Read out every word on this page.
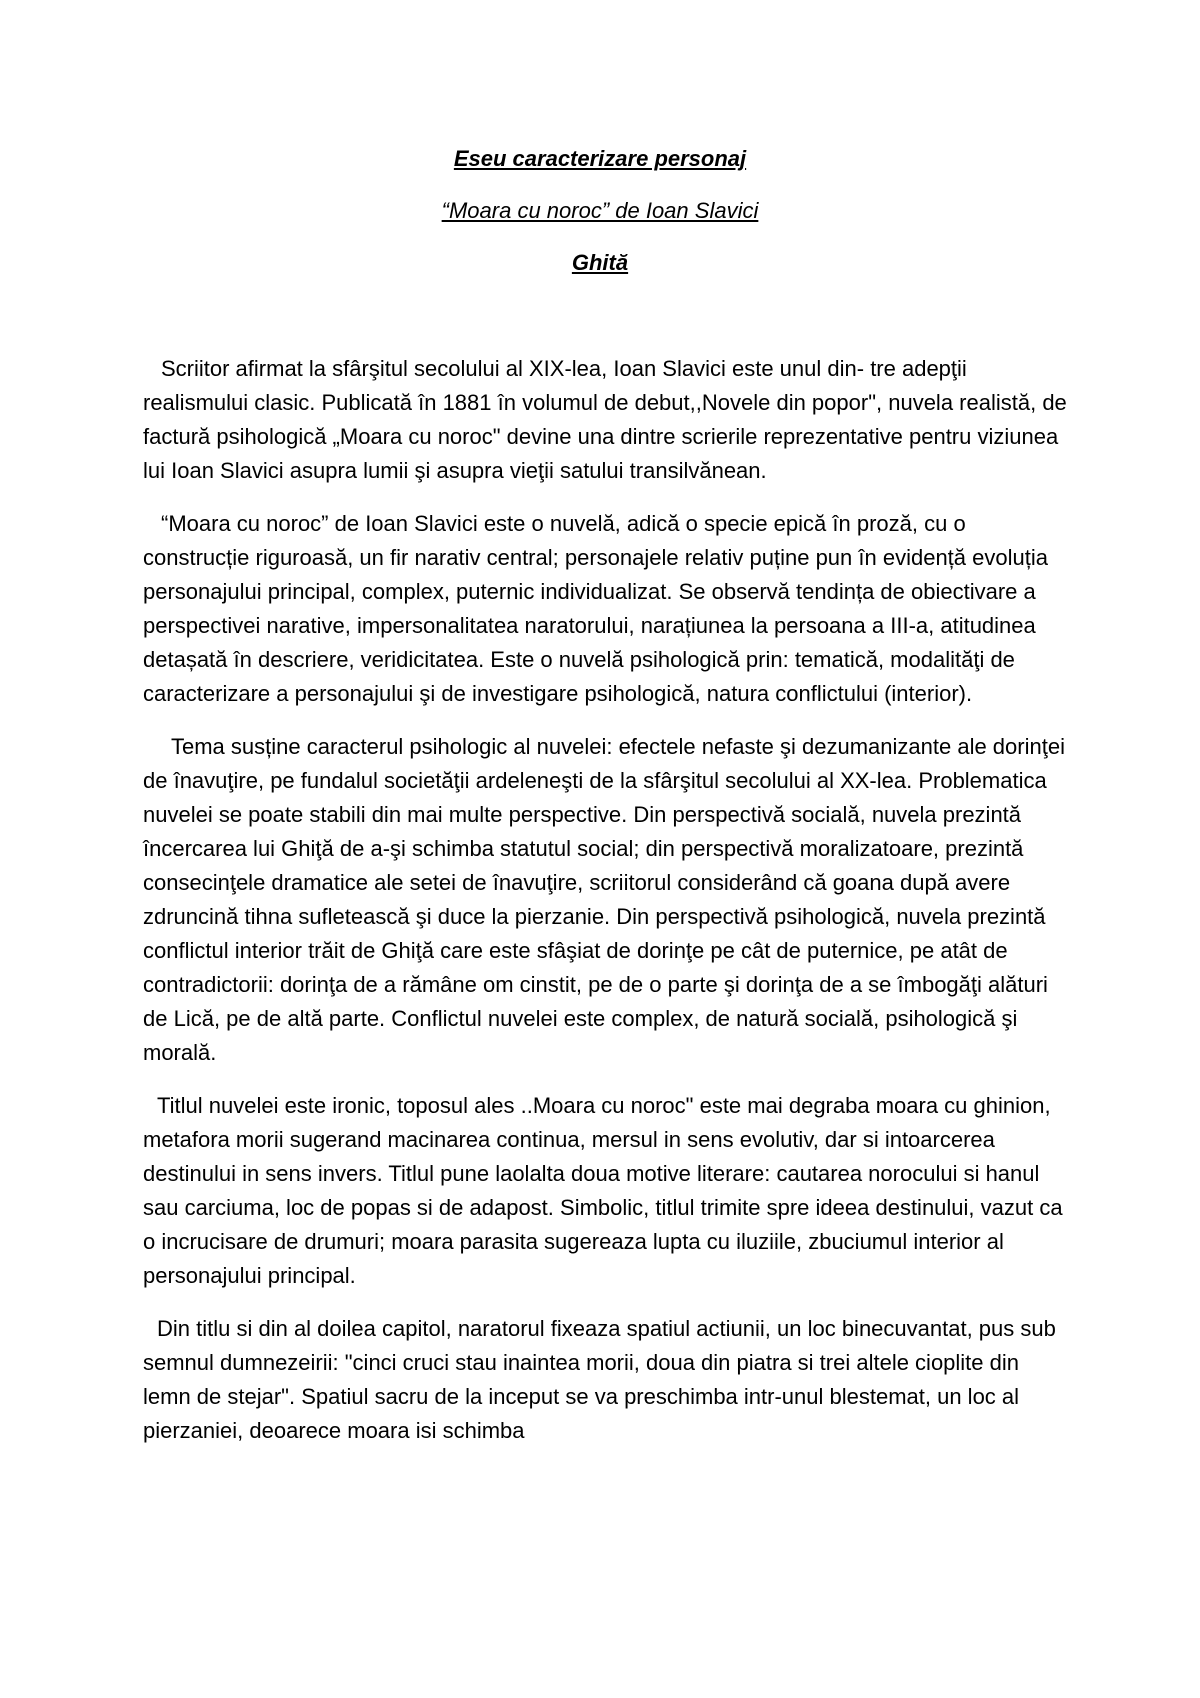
Eseu caracterizare personaj
“Moara cu noroc” de Ioan Slavici
Ghită

Scriitor afirmat la sfârşitul secolului al XIX-lea, Ioan Slavici este unul din- tre adepţii realismului clasic. Publicată în 1881 în volumul de debut,,Novele din popor", nuvela realistă, de factură psihologică „Moara cu noroc" devine una dintre scrierile reprezentative pentru viziunea lui Ioan Slavici asupra lumii şi asupra vieţii satului transilvănean.

“Moara cu noroc” de Ioan Slavici este o nuvelă, adică o specie epică în proză, cu o construcție riguroasă, un fir narativ central; personajele relativ puține pun în evidență evoluția personajului principal, complex, puternic individualizat. Se observă tendința de obiectivare a perspectivei narative, impersonalitatea naratorului, narațiunea la persoana a III-a, atitudinea detașată în descriere, veridicitatea. Este o nuvelă psihologică prin: tematică, modalităţi de caracterizare a personajului şi de investigare psihologică, natura conflictului (interior).

Tema susține caracterul psihologic al nuvelei: efectele nefaste şi dezumanizante ale dorinţei de înavuţire, pe fundalul societăţii ardeleneşti de la sfârşitul secolului al XX-lea. Problematica nuvelei se poate stabili din mai multe perspective. Din perspectivă socială, nuvela prezintă încercarea lui Ghiţă de a-şi schimba statutul social; din perspectivă moralizatoare, prezintă consecinţele dramatice ale setei de înavuţire, scriitorul considerând că goana după avere zdruncină tihna sufletească şi duce la pierzanie. Din perspectivă psihologică, nuvela prezintă conflictul interior trăit de Ghiţă care este sfâşiat de dorinţe pe cât de puternice, pe atât de contradictorii: dorinţa de a rămâne om cinstit, pe de o parte şi dorinţa de a se îmbogăţi alături de Lică, pe de altă parte. Conflictul nuvelei este complex, de natură socială, psihologică şi morală.

Titlul nuvelei este ironic, toposul ales ..Moara cu noroc" este mai degraba moara cu ghinion, metafora morii sugerand macinarea continua, mersul in sens evolutiv, dar si intoarcerea destinului in sens invers. Titlul pune laolalta doua motive literare: cautarea norocului si hanul sau carciuma, loc de popas si de adapost. Simbolic, titlul trimite spre ideea destinului, vazut ca o incrucisare de drumuri; moara parasita sugereaza lupta cu iluziile, zbuciumul interior al personajului principal.

Din titlu si din al doilea capitol, naratorul fixeaza spatiul actiunii, un loc binecuvantat, pus sub semnul dumnezeirii: "cinci cruci stau inaintea morii, doua din piatra si trei altele cioplite din lemn de stejar". Spatiul sacru de la inceput se va preschimba intr-unul blestemat, un loc al pierzaniei, deoarece moara isi schimba
